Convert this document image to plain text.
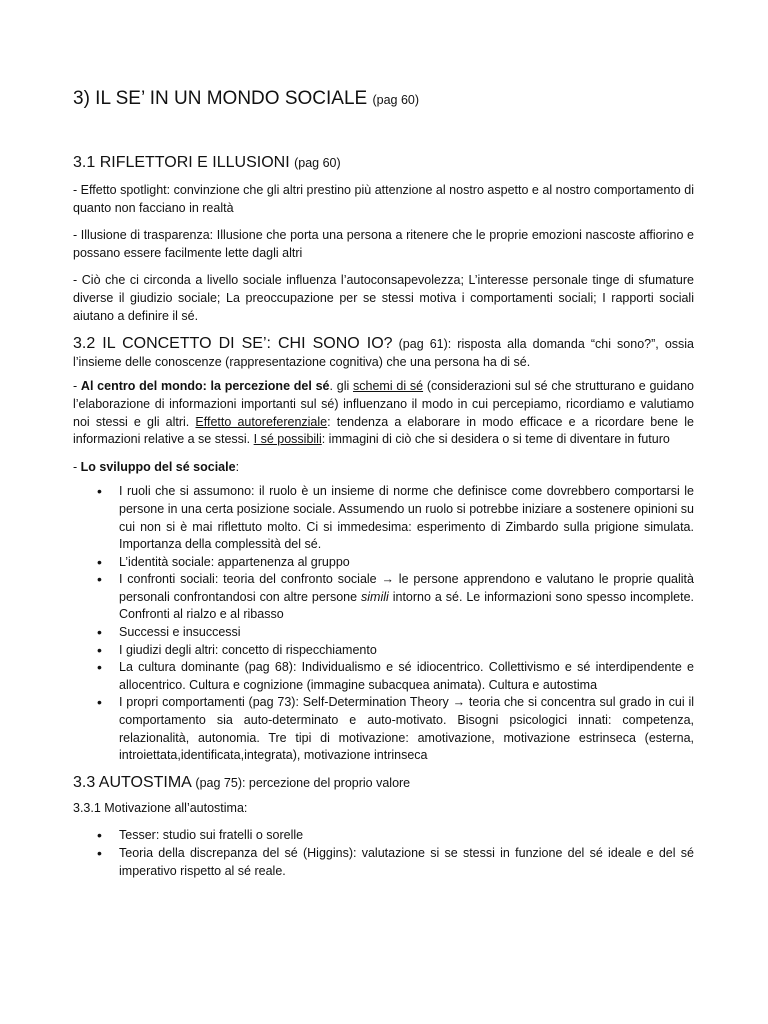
3) IL SE’ IN UN MONDO SOCIALE (pag 60)
3.1 RIFLETTORI E ILLUSIONI (pag 60)

- Effetto spotlight: convinzione che gli altri prestino più attenzione al nostro aspetto e al nostro comportamento di quanto non facciano in realtà

- Illusione di trasparenza: Illusione che porta una persona a ritenere che le proprie emozioni nascoste affiorino e possano essere facilmente lette dagli altri

- Ciò che ci circonda a livello sociale influenza l’autoconsapevolezza; L’interesse personale tinge di sfumature diverse il giudizio sociale; La preoccupazione per se stessi motiva i comportamenti sociali; I rapporti sociali aiutano a definire il sé.

3.2 IL CONCETTO DI SE’: CHI SONO IO? (pag 61): risposta alla domanda “chi sono?”, ossia l’insieme delle conoscenze (rappresentazione cognitiva) che una persona ha di sé.

- Al centro del mondo: la percezione del sé. gli schemi di sé (considerazioni sul sé che strutturano e guidano l’elaborazione di informazioni importanti sul sé) influenzano il modo in cui percepiamo, ricordiamo e valutiamo noi stessi e gli altri. Effetto autoreferenziale: tendenza a elaborare in modo efficace e a ricordare bene le informazioni relative a se stessi. I sé possibili: immagini di ciò che si desidera o si teme di diventare in futuro

- Lo sviluppo del sé sociale:

• I ruoli che si assumono: il ruolo è un insieme di norme che definisce come dovrebbero comportarsi le persone in una certa posizione sociale. Assumendo un ruolo si potrebbe iniziare a sostenere opinioni su cui non si è mai riflettuto molto. Ci si immedesima: esperimento di Zimbardo sulla prigione simulata. Importanza della complessità del sé.
• L’identità sociale: appartenenza al gruppo
• I confronti sociali: teoria del confronto sociale → le persone apprendono e valutano le proprie qualità personali confrontandosi con altre persone simili intorno a sé. Le informazioni sono spesso incomplete. Confronti al rialzo e al ribasso
• Successi e insuccessi
• I giudizi degli altri: concetto di rispecchiamento
• La cultura dominante (pag 68): Individualismo e sé idiocentrico. Collettivismo e sé interdipendente e allocentrico. Cultura e cognizione (immagine subacquea animata). Cultura e autostima
• I propri comportamenti (pag 73): Self-Determination Theory → teoria che si concentra sul grado in cui il comportamento sia auto-determinato e auto-motivato. Bisogni psicologici innati: competenza, relazionalità, autonomia. Tre tipi di motivazione: amotivazione, motivazione estrinseca (esterna, introiettata,identificata,integrata), motivazione intrinseca
3.3 AUTOSTIMA (pag 75): percezione del proprio valore

3.3.1 Motivazione all’autostima:

• Tesser: studio sui fratelli o sorelle
• Teoria della discrepanza del sé (Higgins): valutazione si se stessi in funzione del sé ideale e del sé imperativo rispetto al sé reale.
